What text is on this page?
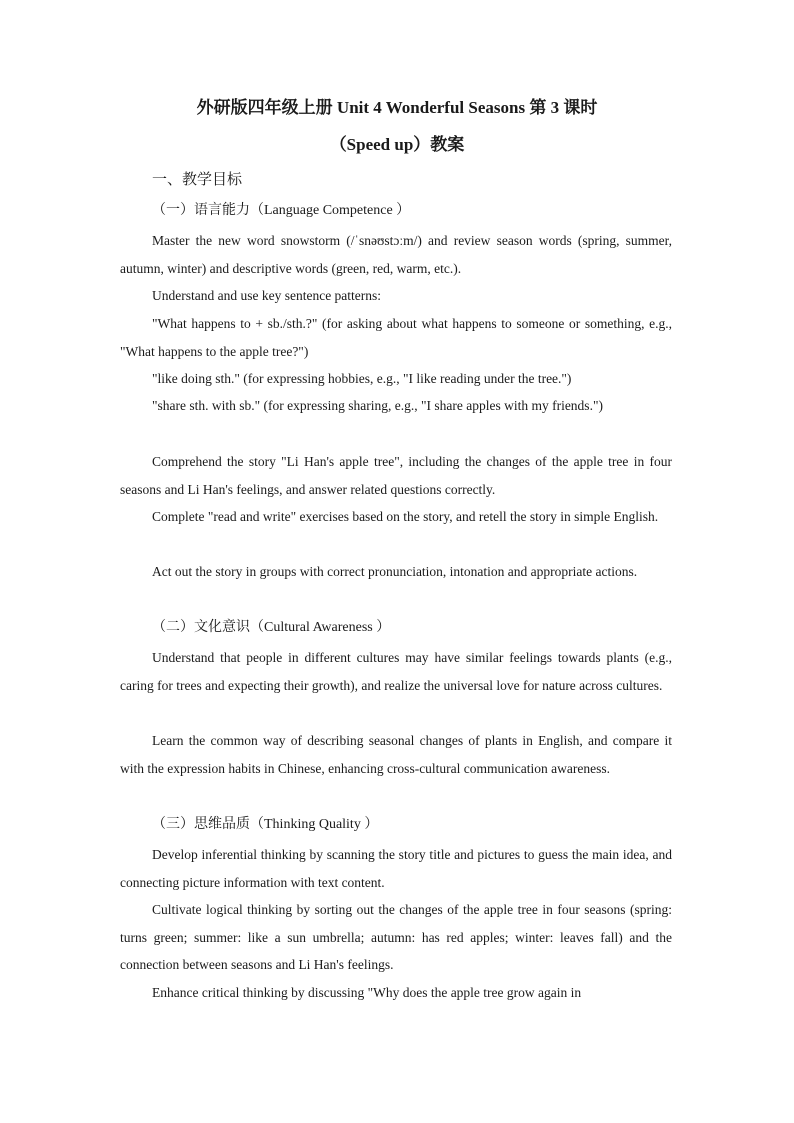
外研版四年级上册 Unit 4 Wonderful Seasons 第 3 课时
（Speed up）教案
一、教学目标
（一）语言能力（Language Competence ）

Master the new word snowstorm (/ˈsnəʊstɔːm/) and review season words (spring, summer, autumn, winter) and descriptive words (green, red, warm, etc.).

Understand and use key sentence patterns:

"What happens to + sb./sth.?" (for asking about what happens to someone or something, e.g., "What happens to the apple tree?")

"like doing sth." (for expressing hobbies, e.g., "I like reading under the tree.")

"share sth. with sb." (for expressing sharing, e.g., "I share apples with my friends.")

Comprehend the story "Li Han's apple tree", including the changes of the apple tree in four seasons and Li Han's feelings, and answer related questions correctly.

Complete "read and write" exercises based on the story, and retell the story in simple English.

Act out the story in groups with correct pronunciation, intonation and appropriate actions.

（二）文化意识（Cultural Awareness ）

Understand that people in different cultures may have similar feelings towards plants (e.g., caring for trees and expecting their growth), and realize the universal love for nature across cultures.

Learn the common way of describing seasonal changes of plants in English, and compare it with the expression habits in Chinese, enhancing cross-cultural communication awareness.

（三）思维品质（Thinking Quality ）

Develop inferential thinking by scanning the story title and pictures to guess the main idea, and connecting picture information with text content.

Cultivate logical thinking by sorting out the changes of the apple tree in four seasons (spring: turns green; summer: like a sun umbrella; autumn: has red apples; winter: leaves fall) and the connection between seasons and Li Han's feelings.

Enhance critical thinking by discussing "Why does the apple tree grow again in
